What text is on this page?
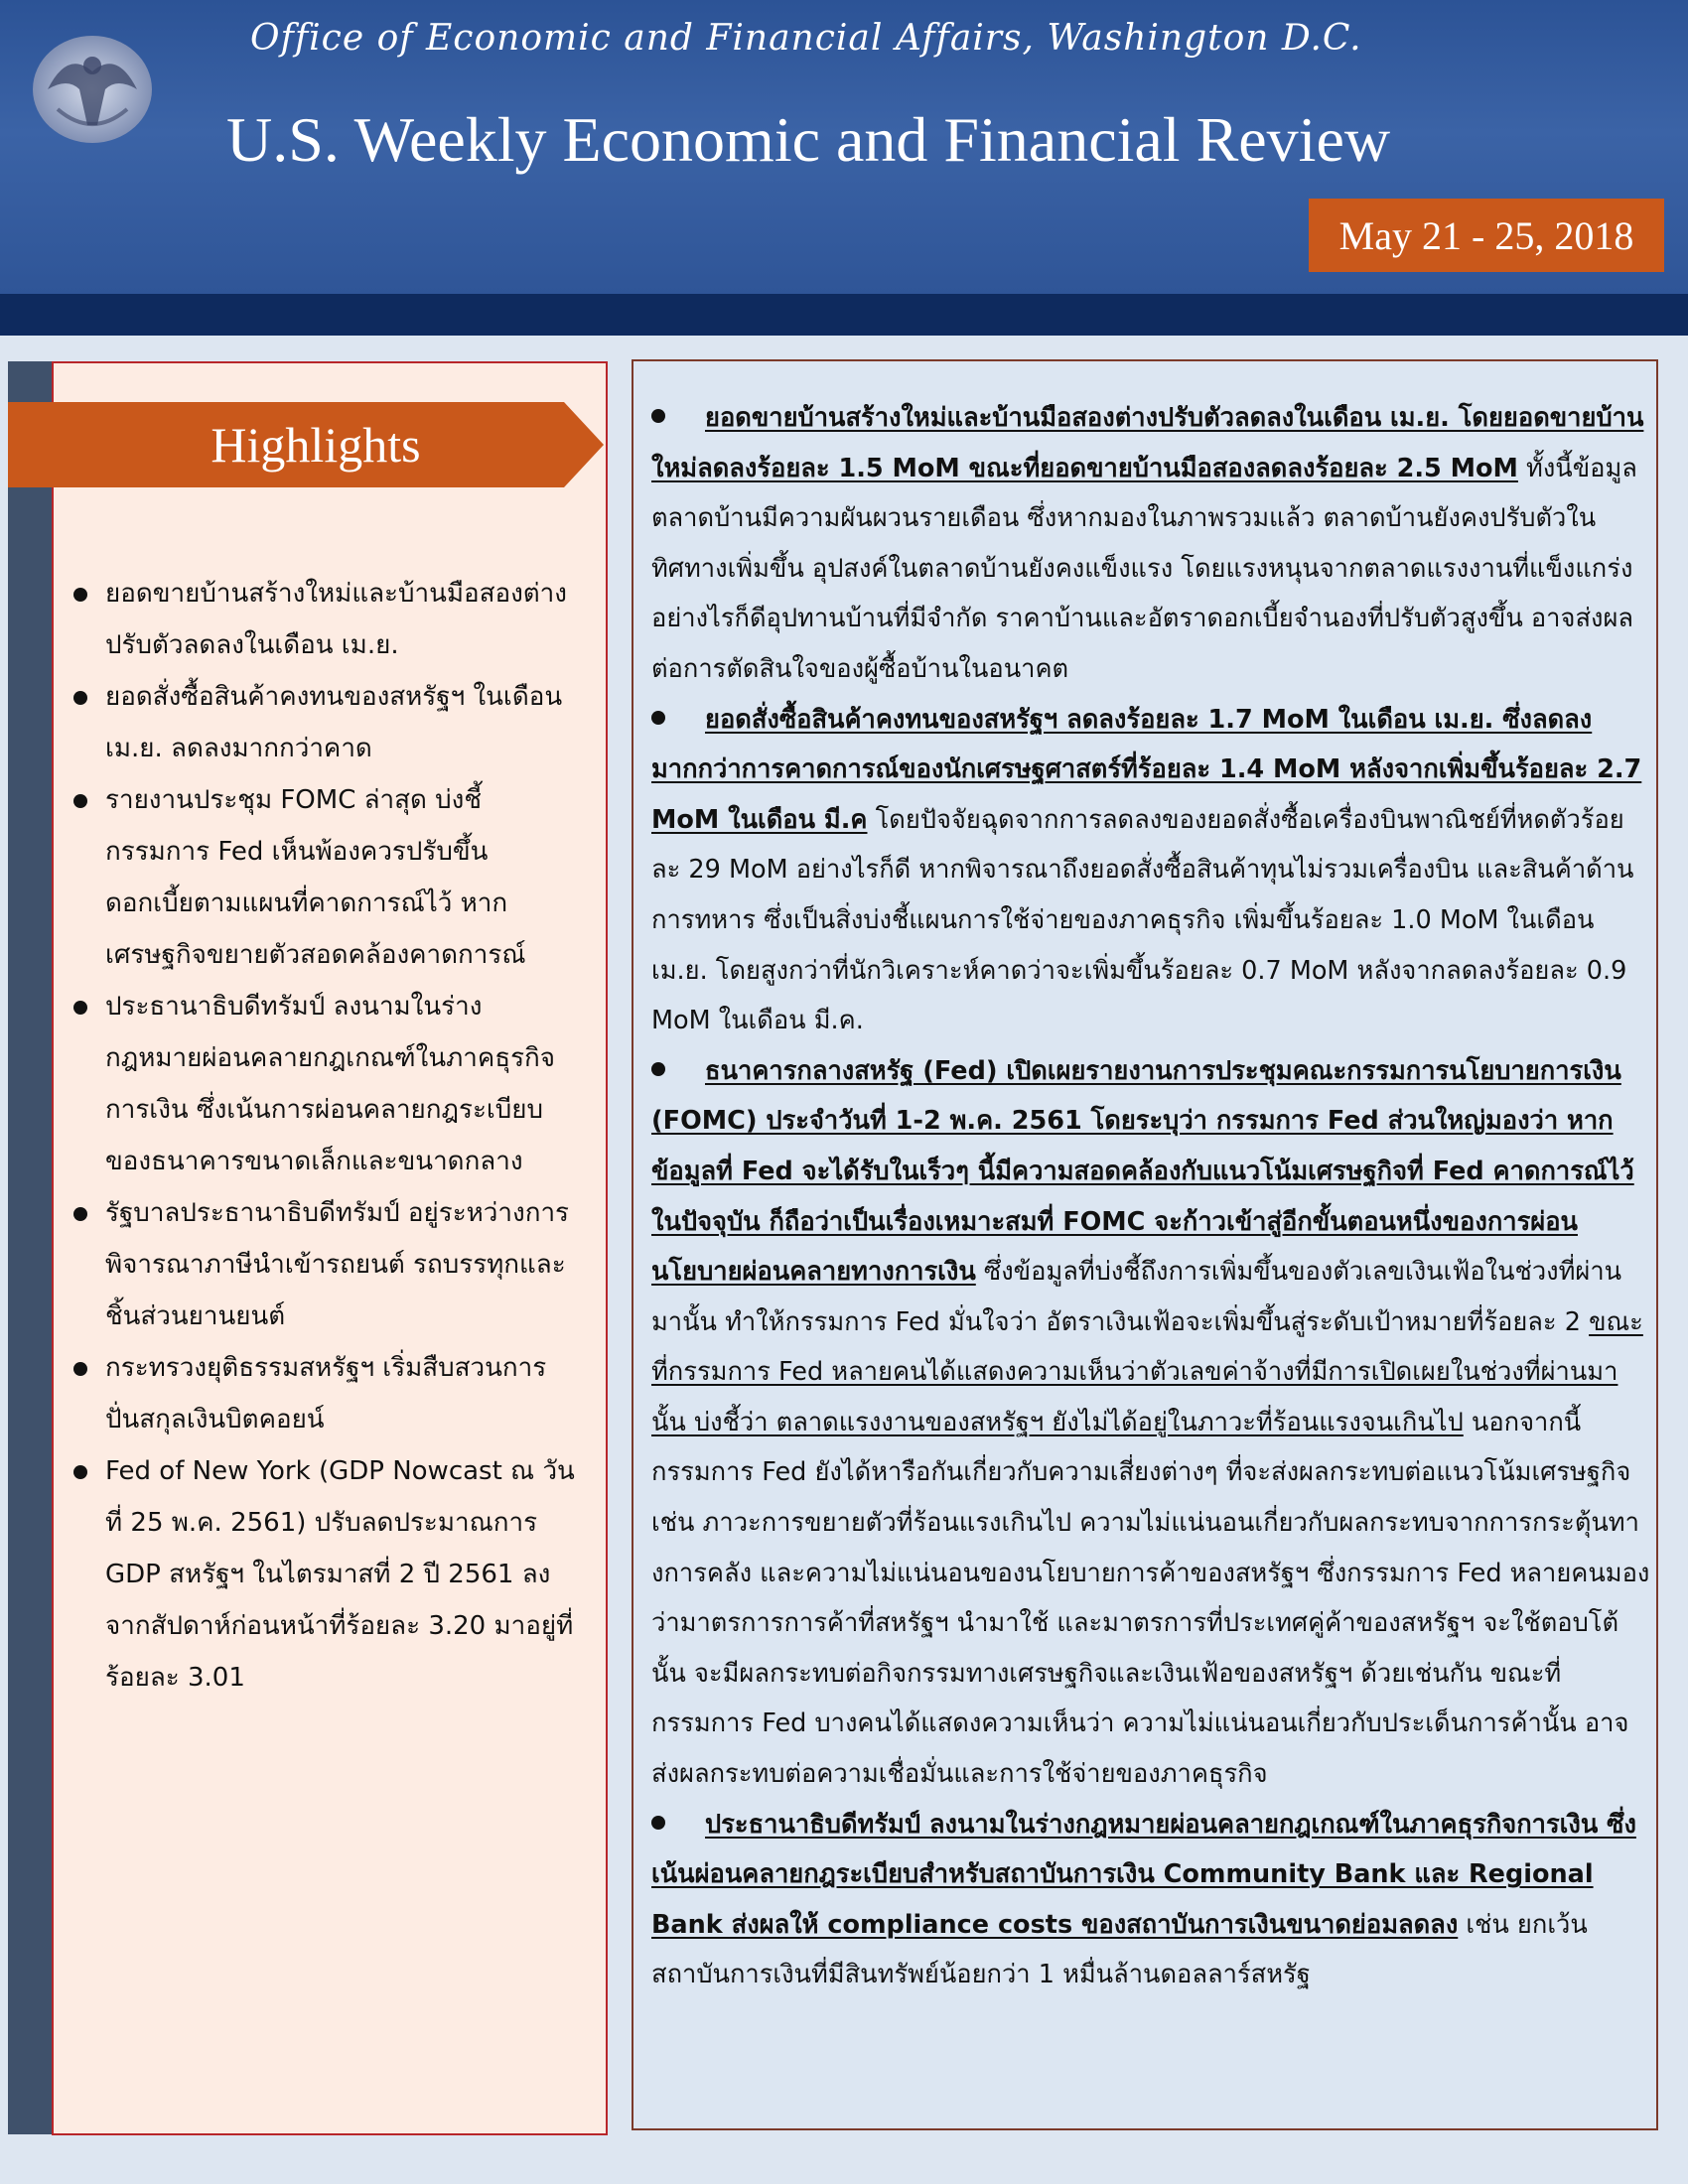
Office of Economic and Financial Affairs, Washington D.C.
U.S. Weekly Economic and Financial Review
May 21 - 25, 2018
Highlights
ยอดขายบ้านสร้างใหม่และบ้านมือสองต่างปรับตัวลดลงในเดือน เม.ย.
ยอดสั่งซื้อสินค้าคงทนของสหรัฐฯ ในเดือน เม.ย. ลดลงมากกว่าคาด
รายงานประชุม FOMC ล่าสุด บ่งชี้กรรมการ Fed เห็นพ้องควรปรับขึ้นดอกเบี้ยตามแผนที่คาดการณ์ไว้ หากเศรษฐกิจขยายตัวสอดคล้องคาดการณ์
ประธานาธิบดีทรัมป์ ลงนามในร่างกฎหมายผ่อนคลายกฎเกณฑ์ในภาคธุรกิจการเงิน ซึ่งเน้นการผ่อนคลายกฎระเบียบของธนาคารขนาดเล็กและขนาดกลาง
รัฐบาลประธานาธิบดีทรัมป์ อยู่ระหว่างการพิจารณาภาษีนำเข้ารถยนต์ รถบรรทุกและชิ้นส่วนยานยนต์
กระทรวงยุติธรรมสหรัฐฯ เริ่มสืบสวนการปั่นสกุลเงินบิตคอยน์
Fed of New York (GDP Nowcast ณ วันที่ 25 พ.ค. 2561) ปรับลดประมาณการ GDP สหรัฐฯ ในไตรมาสที่ 2 ปี 2561 ลงจากสัปดาห์ก่อนหน้าที่ร้อยละ 3.20 มาอยู่ที่ร้อยละ 3.01

ยอดขายบ้านสร้างใหม่และบ้านมือสองต่างปรับตัวลดลงในเดือน เม.ย. โดยยอดขายบ้านใหม่ลดลงร้อยละ 1.5 MoM ขณะที่ยอดขายบ้านมือสองลดลงร้อยละ 2.5 MoM ทั้งนี้ข้อมูลตลาดบ้านมีความผันผวนรายเดือน ซึ่งหากมองในภาพรวมแล้ว ตลาดบ้านยังคงปรับตัวในทิศทางเพิ่มขึ้น อุปสงค์ในตลาดบ้านยังคงแข็งแรง โดยแรงหนุนจากตลาดแรงงานที่แข็งแกร่ง อย่างไรก็ดีอุปทานบ้านที่มีจำกัด ราคาบ้านและอัตราดอกเบี้ยจำนองที่ปรับตัวสูงขึ้น อาจส่งผลต่อการตัดสินใจของผู้ซื้อบ้านในอนาคต

ยอดสั่งซื้อสินค้าคงทนของสหรัฐฯ ลดลงร้อยละ 1.7 MoM ในเดือน เม.ย. ซึ่งลดลงมากกว่าการคาดการณ์ของนักเศรษฐศาสตร์ที่ร้อยละ 1.4 MoM หลังจากเพิ่มขึ้นร้อยละ 2.7 MoM ในเดือน มี.ค โดยปัจจัยฉุดจากการลดลงของยอดสั่งซื้อเครื่องบินพาณิชย์ที่หดตัวร้อยละ 29 MoM อย่างไรก็ดี หากพิจารณาถึงยอดสั่งซื้อสินค้าทุนไม่รวมเครื่องบิน และสินค้าด้านการทหาร ซึ่งเป็นสิ่งบ่งชี้แผนการใช้จ่ายของภาคธุรกิจ เพิ่มขึ้นร้อยละ 1.0 MoM ในเดือนเม.ย. โดยสูงกว่าที่นักวิเคราะห์คาดว่าจะเพิ่มขึ้นร้อยละ 0.7 MoM หลังจากลดลงร้อยละ 0.9 MoM ในเดือน มี.ค.

ธนาคารกลางสหรัฐ (Fed) เปิดเผยรายงานการประชุมคณะกรรมการนโยบายการเงิน (FOMC) ประจำวันที่ 1-2 พ.ค. 2561 โดยระบุว่า กรรมการ Fed ส่วนใหญ่มองว่า หากข้อมูลที่ Fed จะได้รับในเร็วๆ นี้มีความสอดคล้องกับแนวโน้มเศรษฐกิจที่ Fed คาดการณ์ไว้ในปัจจุบัน ก็ถือว่าเป็นเรื่องเหมาะสมที่ FOMC จะก้าวเข้าสู่อีกขั้นตอนหนึ่งของการผ่อนนโยบายผ่อนคลายทางการเงิน ซึ่งข้อมูลที่บ่งชี้ถึงการเพิ่มขึ้นของตัวเลขเงินเฟ้อในช่วงที่ผ่านมานั้น ทำให้กรรมการ Fed มั่นใจว่า อัตราเงินเฟ้อจะเพิ่มขึ้นสู่ระดับเป้าหมายที่ร้อยละ 2 ขณะที่กรรมการ Fed หลายคนได้แสดงความเห็นว่าตัวเลขค่าจ้างที่มีการเปิดเผยในช่วงที่ผ่านมานั้น บ่งชี้ว่า ตลาดแรงงานของสหรัฐฯ ยังไม่ได้อยู่ในภาวะที่ร้อนแรงจนเกินไป นอกจากนี้กรรมการ Fed ยังได้หารือกันเกี่ยวกับความเสี่ยงต่างๆ ที่จะส่งผลกระทบต่อแนวโน้มเศรษฐกิจ เช่น ภาวะการขยายตัวที่ร้อนแรงเกินไป ความไม่แน่นอนเกี่ยวกับผลกระทบจากการกระตุ้นทางการคลัง และความไม่แน่นอนของนโยบายการค้าของสหรัฐฯ ซึ่งกรรมการ Fed หลายคนมองว่ามาตรการการค้าที่สหรัฐฯ นำมาใช้ และมาตรการที่ประเทศคู่ค้าของสหรัฐฯ จะใช้ตอบโต้นั้น จะมีผลกระทบต่อกิจกรรมทางเศรษฐกิจและเงินเฟ้อของสหรัฐฯ ด้วยเช่นกัน ขณะที่กรรมการ Fed บางคนได้แสดงความเห็นว่า ความไม่แน่นอนเกี่ยวกับประเด็นการค้านั้น อาจส่งผลกระทบต่อความเชื่อมั่นและการใช้จ่ายของภาคธุรกิจ

ประธานาธิบดีทรัมป์ ลงนามในร่างกฎหมายผ่อนคลายกฎเกณฑ์ในภาคธุรกิจการเงิน ซึ่งเน้นผ่อนคลายกฎระเบียบสำหรับสถาบันการเงิน Community Bank และ Regional Bank ส่งผลให้ compliance costs ของสถาบันการเงินขนาดย่อมลดลง เช่น ยกเว้นสถาบันการเงินที่มีสินทรัพย์น้อยกว่า 1 หมื่นล้านดอลลาร์สหรัฐ
